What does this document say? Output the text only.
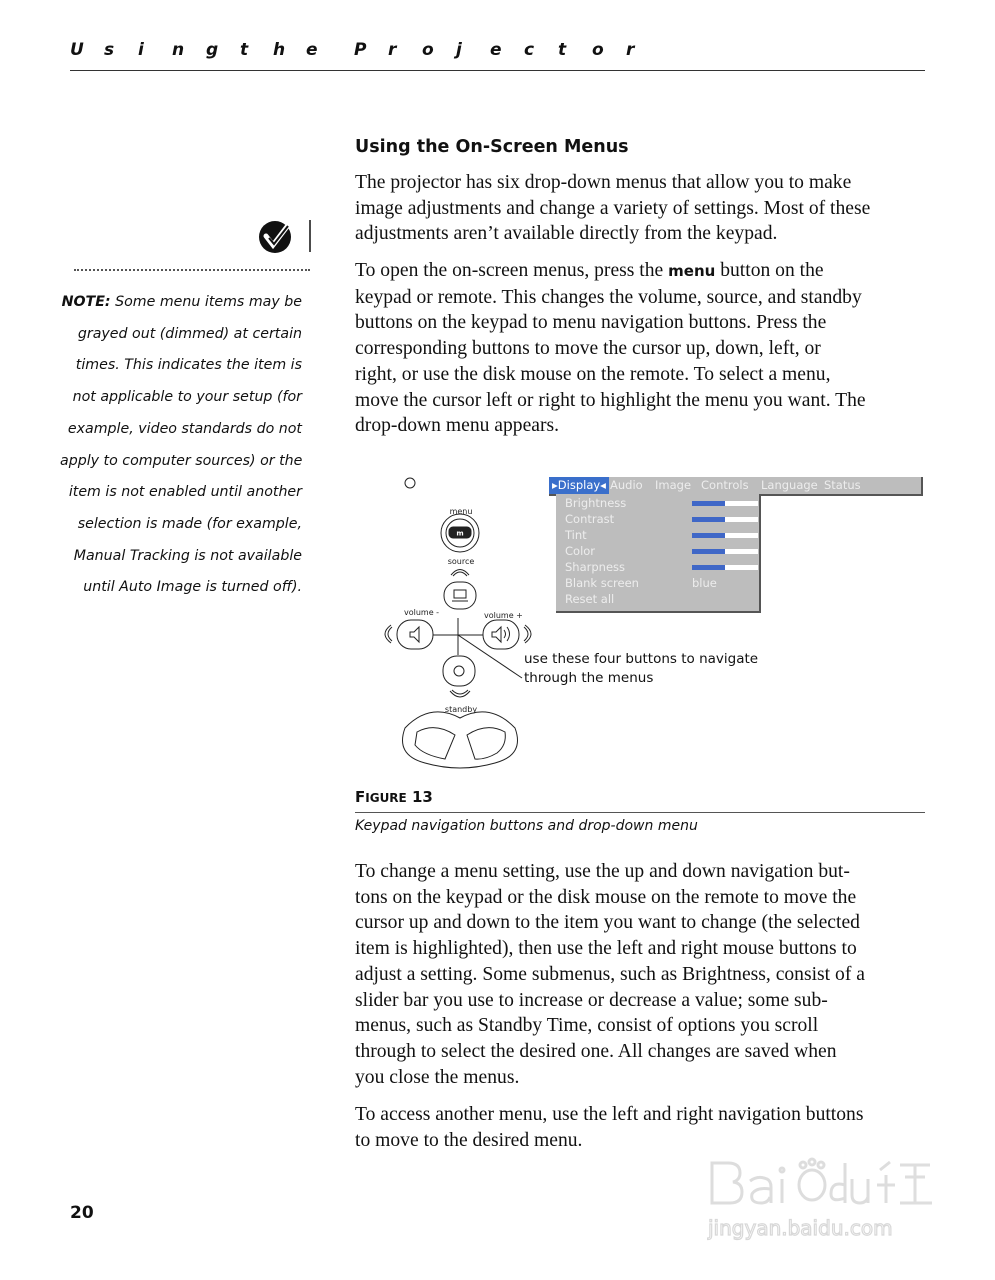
U s i n g t h e P r o j e c t o r
NOTE: Some menu items may be
grayed out (dimmed) at certain
times. This indicates the item is
not applicable to your setup (for
example, video standards do not
apply to computer sources) or the
item is not enabled until another
selection is made (for example,
Manual Tracking is not available
until Auto Image is turned off).
Using the On-Screen Menus
The projector has six drop-down menus that allow you to make
image adjustments and change a variety of settings. Most of these
adjustments aren’t available directly from the keypad.
To open the on-screen menus, press the menu button on the
keypad or remote. This changes the volume, source, and standby
buttons on the keypad to menu navigation buttons. Press the
corresponding buttons to move the cursor up, down, left, or
right, or use the disk mouse on the remote. To select a menu,
move the cursor left or right to highlight the menu you want. The
drop-down menu appears.
menu
m
source
volume -	volume +
standby
▸Display◂ Audio Image Controls Language Status
Brightness
Contrast
Tint
Color
Sharpness
Blank screen	blue
Reset all
use these four buttons to navigate
through the menus
FIGURE 13
Keypad navigation buttons and drop-down menu
To change a menu setting, use the up and down navigation but-
tons on the keypad or the disk mouse on the remote to move the
cursor up and down to the item you want to change (the selected
item is highlighted), then use the left and right mouse buttons to
adjust a setting. Some submenus, such as Brightness, consist of a
slider bar you use to increase or decrease a value; some sub-
menus, such as Standby Time, consist of options you scroll
through to select the desired one. All changes are saved when
you close the menus.
To access another menu, use the left and right navigation buttons
to move to the desired menu.
20
jingyan.baidu.com
